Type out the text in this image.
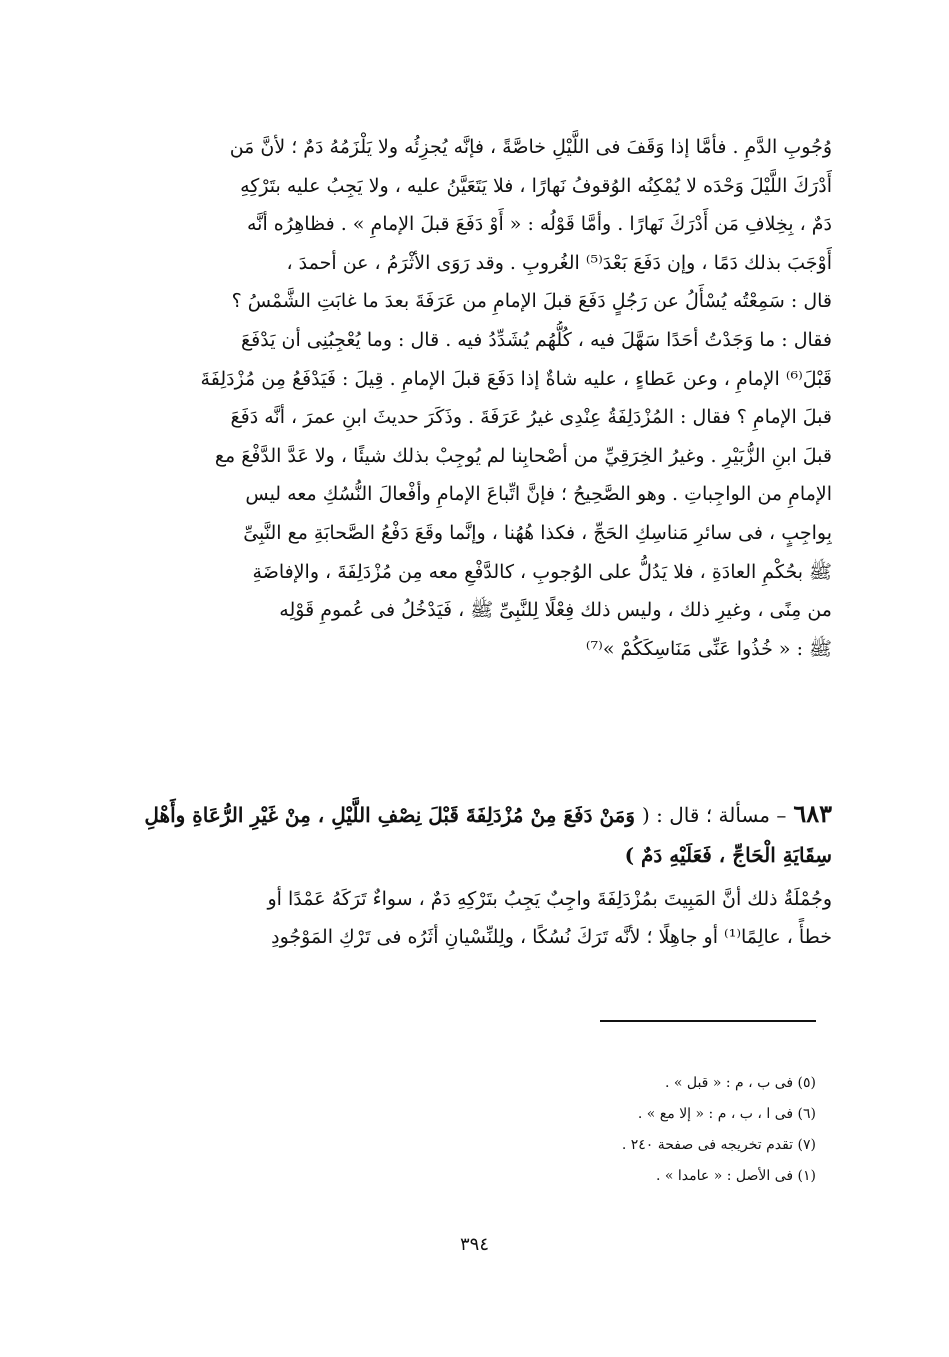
وُجُوبِ الدَّمِ . فأمَّا إذا وَقَفَ فى اللَّيْلِ خاصَّةً ، فإنَّه يُجزِئُه ولا يَلْزَمُهُ دَمٌ ؛ لأنَّ مَن
أَدْرَكَ اللَّيْلَ وَحْدَه لا يُمْكِنُه الوُقوفُ نَهارًا ، فلا يَتَعَيَّنُ عليه ، ولا يَجِبُ عليه بتَرْكِهِ
دَمٌ ، بِخِلافِ مَن أَدْرَكَ نَهارًا . وأمَّا قَوْلُه : « أَوْ دَفَعَ قبلَ الإمامِ » . فظاهِرُه أنَّه
أَوْجَبَ بذلك دَمًا ، وإن دَفَعَ بَعْدَ⁽⁵⁾ الغُروبِ . وقد رَوَى الأثْرَمُ ، عن أحمدَ ،
قال : سَمِعْتُه يُسْأَلُ عن رَجُلٍ دَفَعَ قبلَ الإمامِ من عَرَفَةَ بعدَ ما غابَتِ الشَّمْسُ ؟
فقال : ما وَجَدْتُ أحَدًا سَهَّلَ فيه ، كُلُّهُم يُشَدِّدُ فيه . قال : وما يُعْجِبُنِى أن يَدْفَعَ
قَبْلَ⁽⁶⁾ الإمامِ ، وعن عَطاءٍ ، عليه شاةٌ إذا دَفَعَ قبلَ الإمامِ . قِيلَ : فَيَدْفَعُ مِن مُزْدَلِفَةَ
قبلَ الإمامِ ؟ فقال : المُزْدَلِفَةُ عِنْدِى غيرُ عَرَفَةَ . وذَكَرَ حديثَ ابنِ عمرَ ، أنَّه دَفَعَ
قبلَ ابنِ الزُّبَيْرِ . وغيرُ الخِرَقِيِّ من أصْحابِنا لم يُوجِبْ بذلك شيئًا ، ولا عَدَّ الدَّفْعَ مع
الإمامِ من الواجِباتِ . وهو الصَّحِيحُ ؛ فإنَّ اتِّباعَ الإمامِ وأفْعالَ النُّسُكِ معه ليس
بِواجِبٍ ، فى سائرِ مَناسِكِ الحَجِّ ، فكذا هُهُنا ، وإنَّما وقَعَ دَفْعُ الصَّحابَةِ مع النَّبِىِّ
ﷺ بحُكْمِ العادَةِ ، فلا يَدُلُّ على الوُجوبِ ، كالدَّفْعِ معه مِن مُزْدَلِفَةَ ، والإفاضَةِ
من مِنًى ، وغيرِ ذلك ، وليس ذلك فِعْلًا لِلنَّبِىِّ ﷺ ، فَيَدْخُلُ فى عُمومِ قَوْلِه
ﷺ : « خُذُوا عَنِّى مَنَاسِكَكُمْ »⁽⁷⁾
٦٨٣ – مسألة ؛ قال : ( وَمَنْ دَفَعَ مِنْ مُزْدَلِفَةَ قَبْلَ نِصْفِ اللَّيْلِ ، مِنْ غَيْرِ الرُّعَاةِ وأَهْلِ سِقَايَةِ الْحَاجِّ ، فَعَلَيْهِ دَمٌ )
وجُمْلَةُ ذلك أنَّ المَبِيتَ بمُزْدَلِفَةَ واجِبٌ يَجِبُ بتَرْكِهِ دَمٌ ، سواءٌ تَرَكَهُ عَمْدًا أو
خطأً ، عالِمًا⁽¹⁾ أو جاهِلًا ؛ لأنَّه تَرَكَ نُسُكًا ، ولِلنِّسْيانِ أثَرُه فى تَرْكِ المَوْجُودِ
(٥) فى ب ، م : « قبل » .
(٦) فى ا ، ب ، م : « إلا مع » .
(٧) تقدم تخريجه فى صفحة ٢٤٠ .
(١) فى الأصل : « عامدا » .
٣٩٤
